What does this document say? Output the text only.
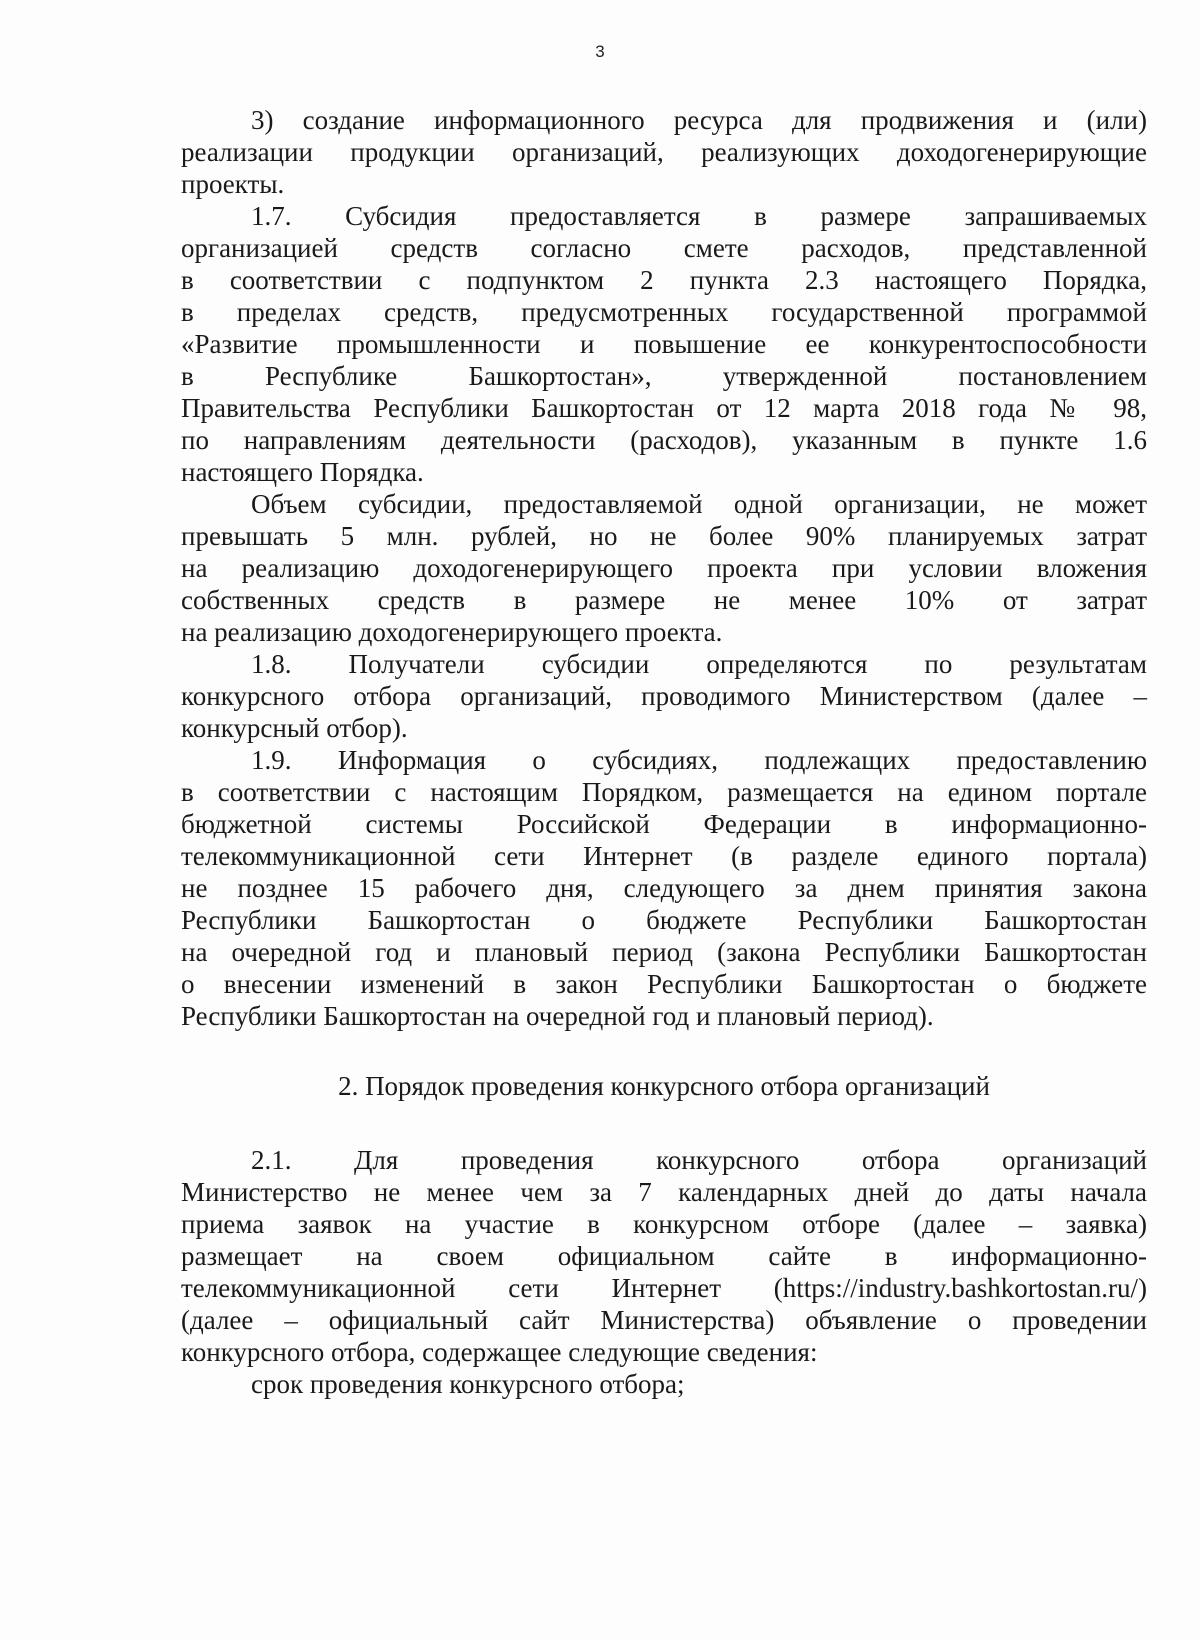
3
3) создание информационного ресурса для продвижения и (или)
реализации продукции организаций, реализующих доходогенерирующие
проекты.
1.7. Субсидия предоставляется в размере запрашиваемых
организацией средств согласно смете расходов, представленной
в соответствии с подпунктом 2 пункта 2.3 настоящего Порядка,
в пределах средств, предусмотренных государственной программой
«Развитие промышленности и повышение ее конкурентоспособности
в Республике Башкортостан», утвержденной постановлением
Правительства Республики Башкортостан от 12 марта 2018 года № 98,
по направлениям деятельности (расходов), указанным в пункте 1.6
настоящего Порядка.
Объем субсидии, предоставляемой одной организации, не может
превышать 5 млн. рублей, но не более 90% планируемых затрат
на реализацию доходогенерирующего проекта при условии вложения
собственных средств в размере не менее 10% от затрат
на реализацию доходогенерирующего проекта.
1.8. Получатели субсидии определяются по результатам
конкурсного отбора организаций, проводимого Министерством (далее –
конкурсный отбор).
1.9. Информация о субсидиях, подлежащих предоставлению
в соответствии с настоящим Порядком, размещается на едином портале
бюджетной системы Российской Федерации в информационно-
телекоммуникационной сети Интернет (в разделе единого портала)
не позднее 15 рабочего дня, следующего за днем принятия закона
Республики Башкортостан о бюджете Республики Башкортостан
на очередной год и плановый период (закона Республики Башкортостан
о внесении изменений в закон Республики Башкортостан о бюджете
Республики Башкортостан на очередной год и плановый период).
2. Порядок проведения конкурсного отбора организаций
2.1. Для проведения конкурсного отбора организаций
Министерство не менее чем за 7 календарных дней до даты начала
приема заявок на участие в конкурсном отборе (далее – заявка)
размещает на своем официальном сайте в информационно-
телекоммуникационной сети Интернет (https://industry.bashkortostan.ru/)
(далее – официальный сайт Министерства) объявление о проведении
конкурсного отбора, содержащее следующие сведения:
срок проведения конкурсного отбора;
